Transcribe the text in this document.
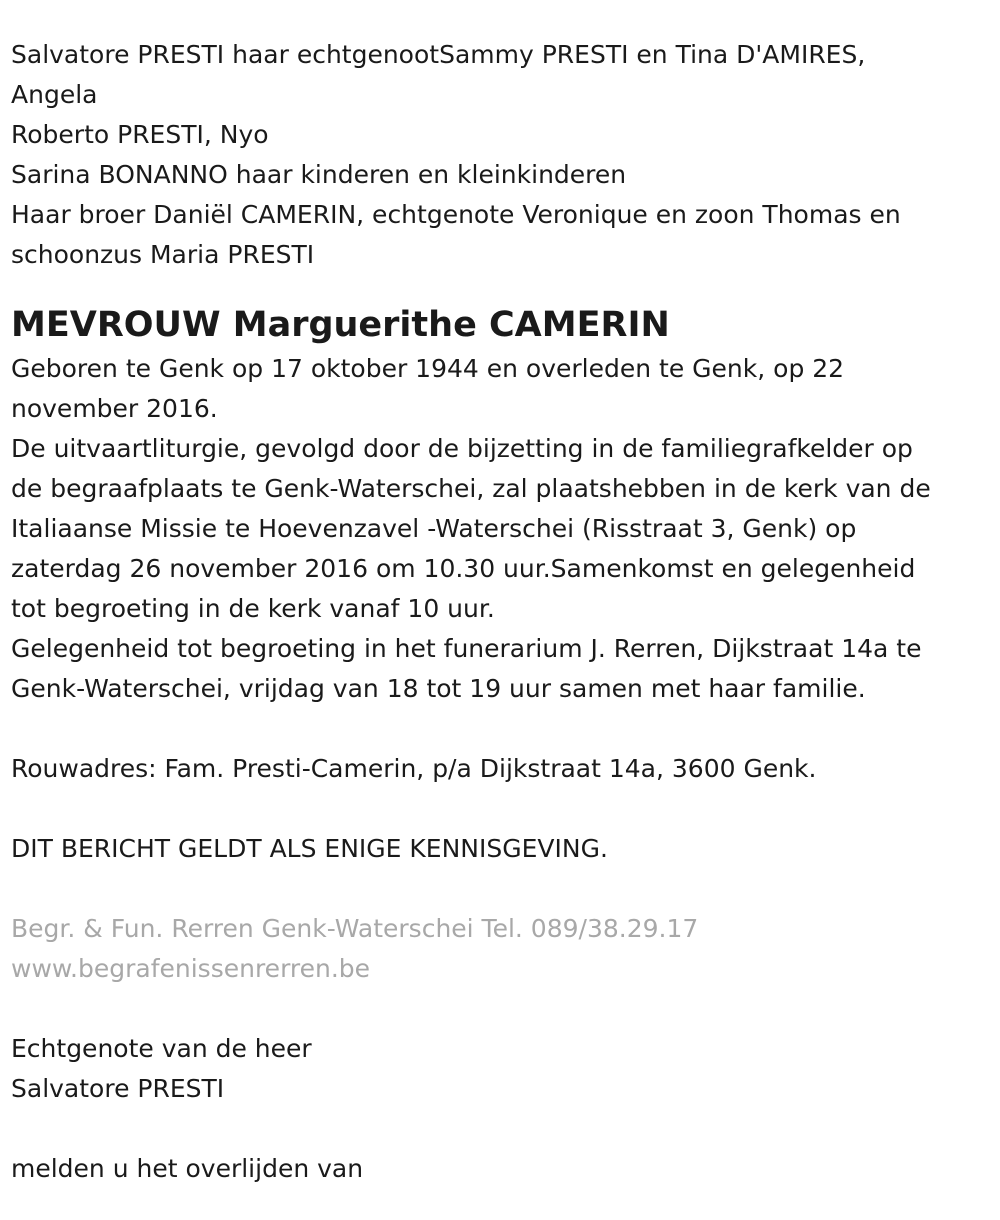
Salvatore PRESTI haar echtgenootSammy PRESTI en Tina D'AMIRES,

Angela

Roberto PRESTI, Nyo

Sarina BONANNO haar kinderen en kleinkinderen

Haar broer Daniël CAMERIN, echtgenote Veronique en zoon Thomas en

schoonzus Maria PRESTI

MEVROUW Marguerithe CAMERIN

Geboren te Genk op 17 oktober 1944 en overleden te Genk, op 22

november 2016.

De uitvaartliturgie, gevolgd door de bijzetting in de familiegrafkelder op

de begraafplaats te Genk-Waterschei, zal plaatshebben in de kerk van de

Italiaanse Missie te Hoevenzavel -Waterschei (Risstraat 3, Genk) op

zaterdag 26 november 2016 om 10.30 uur.Samenkomst en gelegenheid

tot begroeting in de kerk vanaf 10 uur.

Gelegenheid tot begroeting in het funerarium J. Rerren, Dijkstraat 14a te

Genk-Waterschei, vrijdag van 18 tot 19 uur samen met haar familie.

Rouwadres: Fam. Presti-Camerin, p/a Dijkstraat 14a, 3600 Genk.

DIT BERICHT GELDT ALS ENIGE KENNISGEVING.

Begr. & Fun. Rerren Genk-Waterschei Tel. 089/38.29.17

www.begrafenissenrerren.be

Echtgenote van de heer

Salvatore PRESTI

melden u het overlijden van
